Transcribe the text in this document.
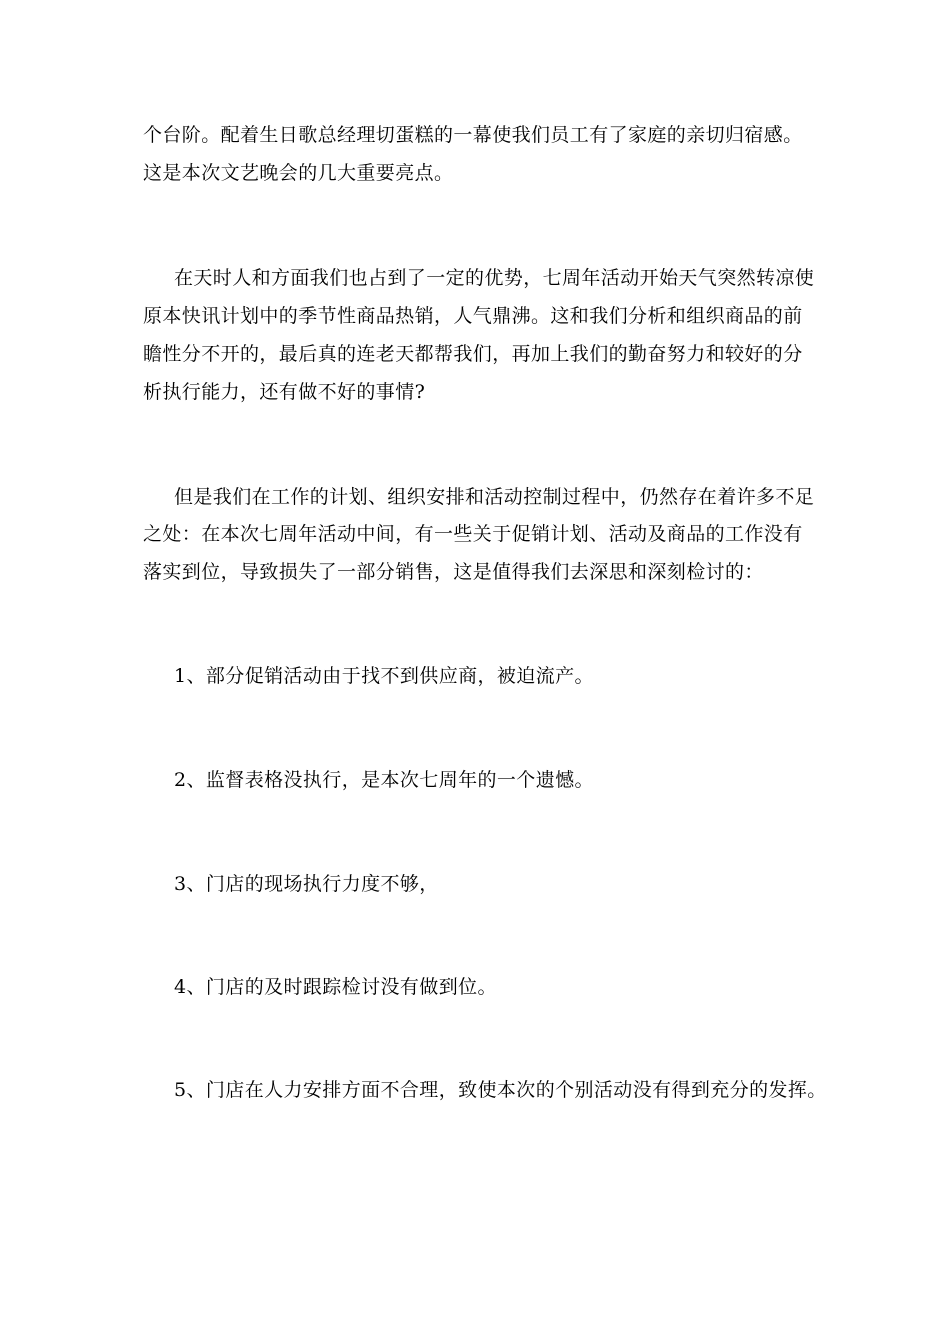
个台阶。配着生日歌总经理切蛋糕的一幕使我们员工有了家庭的亲切归宿感。
这是本次文艺晚会的几大重要亮点。
在天时人和方面我们也占到了一定的优势，七周年活动开始天气突然转凉使
原本快讯计划中的季节性商品热销，人气鼎沸。这和我们分析和组织商品的前
瞻性分不开的，最后真的连老天都帮我们，再加上我们的勤奋努力和较好的分
析执行能力，还有做不好的事情?
但是我们在工作的计划、组织安排和活动控制过程中，仍然存在着许多不足
之处：在本次七周年活动中间，有一些关于促销计划、活动及商品的工作没有
落实到位，导致损失了一部分销售，这是值得我们去深思和深刻检讨的：
1、部分促销活动由于找不到供应商，被迫流产。
2、监督表格没执行，是本次七周年的一个遗憾。
3、门店的现场执行力度不够，
4、门店的及时跟踪检讨没有做到位。
5、门店在人力安排方面不合理，致使本次的个别活动没有得到充分的发挥。
